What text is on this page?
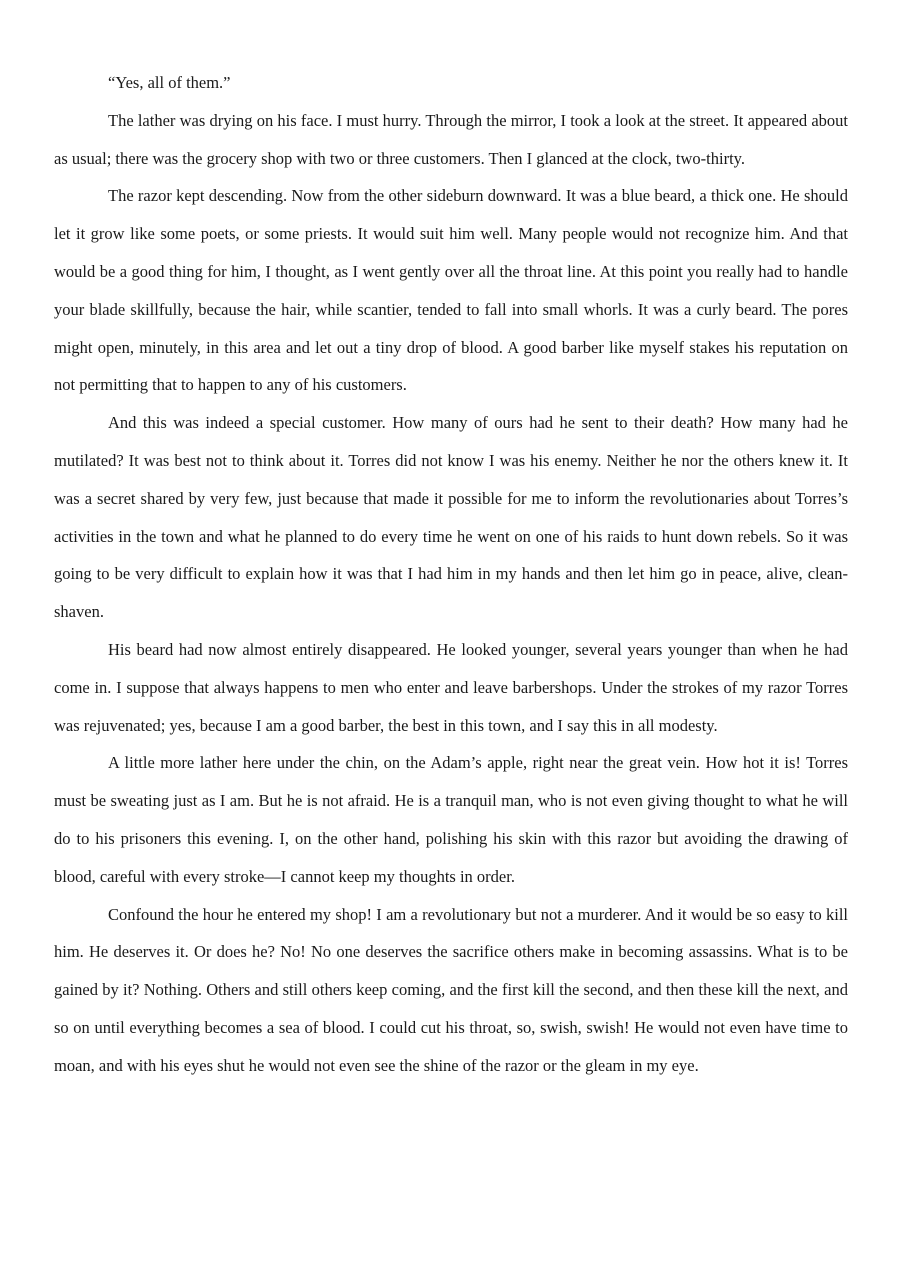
“Yes, all of them.”

The lather was drying on his face. I must hurry. Through the mirror, I took a look at the street. It appeared about as usual; there was the grocery shop with two or three customers. Then I glanced at the clock, two-thirty.

The razor kept descending. Now from the other sideburn downward. It was a blue beard, a thick one. He should let it grow like some poets, or some priests. It would suit him well. Many people would not recognize him. And that would be a good thing for him, I thought, as I went gently over all the throat line. At this point you really had to handle your blade skillfully, because the hair, while scantier, tended to fall into small whorls. It was a curly beard. The pores might open, minutely, in this area and let out a tiny drop of blood. A good barber like myself stakes his reputation on not permitting that to happen to any of his customers.

And this was indeed a special customer. How many of ours had he sent to their death? How many had he mutilated? It was best not to think about it. Torres did not know I was his enemy. Neither he nor the others knew it. It was a secret shared by very few, just because that made it possible for me to inform the revolutionaries about Torres’s activities in the town and what he planned to do every time he went on one of his raids to hunt down rebels. So it was going to be very difficult to explain how it was that I had him in my hands and then let him go in peace, alive, clean-shaven.

His beard had now almost entirely disappeared. He looked younger, several years younger than when he had come in. I suppose that always happens to men who enter and leave barbershops. Under the strokes of my razor Torres was rejuvenated; yes, because I am a good barber, the best in this town, and I say this in all modesty.

A little more lather here under the chin, on the Adam’s apple, right near the great vein. How hot it is! Torres must be sweating just as I am. But he is not afraid. He is a tranquil man, who is not even giving thought to what he will do to his prisoners this evening. I, on the other hand, polishing his skin with this razor but avoiding the drawing of blood, careful with every stroke—I cannot keep my thoughts in order.

Confound the hour he entered my shop! I am a revolutionary but not a murderer. And it would be so easy to kill him. He deserves it. Or does he? No! No one deserves the sacrifice others make in becoming assassins. What is to be gained by it? Nothing. Others and still others keep coming, and the first kill the second, and then these kill the next, and so on until everything becomes a sea of blood. I could cut his throat, so, swish, swish! He would not even have time to moan, and with his eyes shut he would not even see the shine of the razor or the gleam in my eye.
